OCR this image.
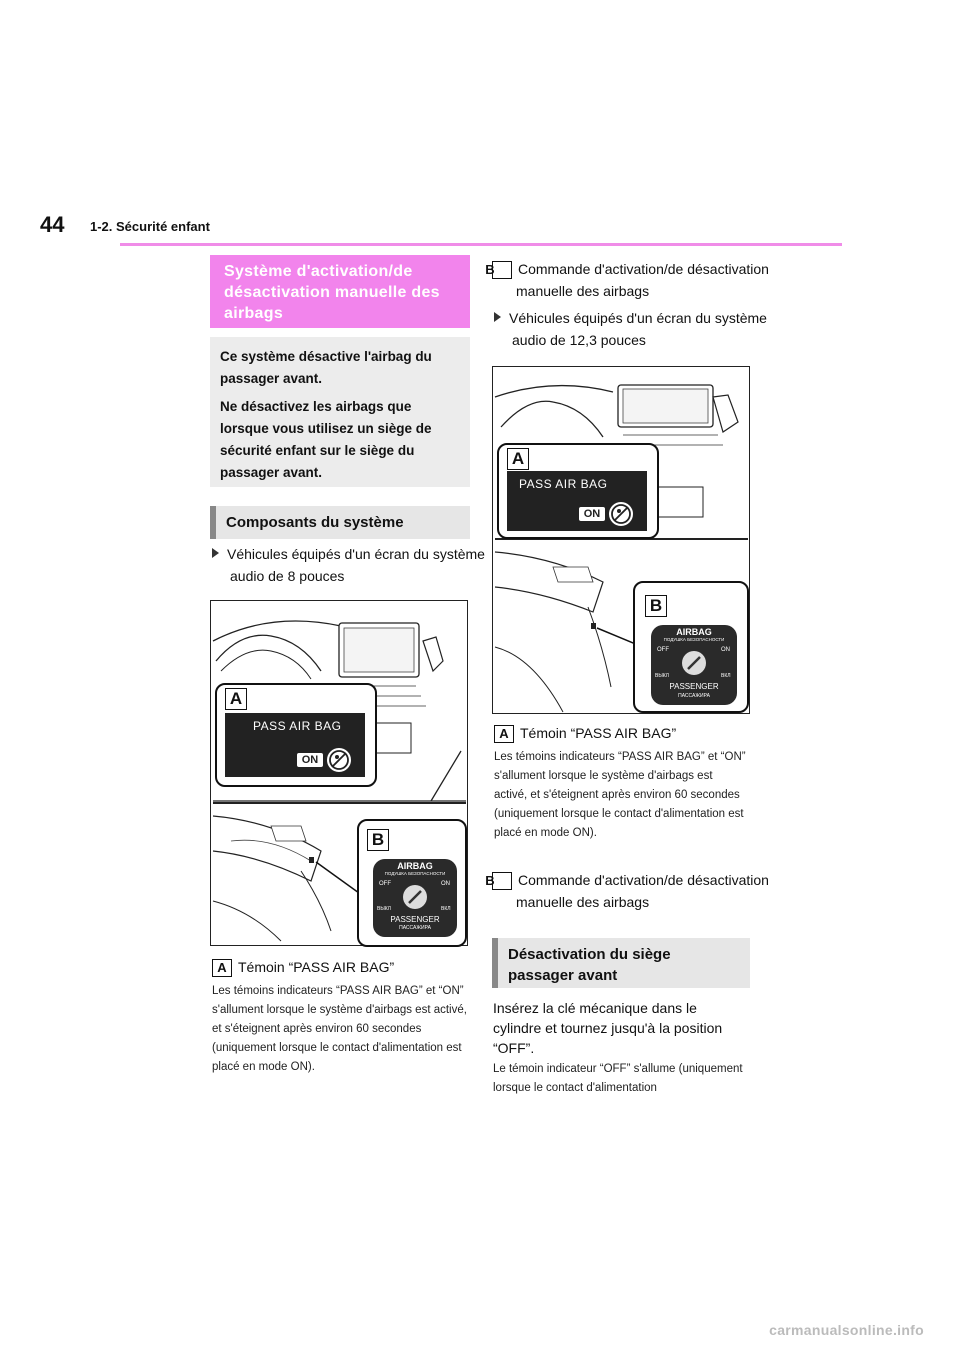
44 1-2. Sécurité enfant
Système d'activation/de désactivation manuelle des airbags

Ce système désactive l'airbag du passager avant.

Ne désactivez les airbags que lorsque vous utilisez un siège de sécurité enfant sur le siège du passager avant.

Composants du système
Véhicules équipés d'un écran du système audio de 8 pouces
A
PASS AIR BAG
ON
B
AIRBAG
ПОДУШКА БЕЗОПАСНОСТИ
OFF	ON
ВЫКЛ	ВКЛ
PASSENGER
ПАССАЖИРА
A Témoin “PASS AIR BAG”
Les témoins indicateurs “PASS AIR BAG” et “ON” s'allument lorsque le système d'airbags est activé, et s'éteignent après environ 60 secondes (uniquement lorsque le contact d'alimentation est placé en mode ON).
B Commande d'activation/de désactivation manuelle des airbags
Véhicules équipés d'un écran du système audio de 12,3 pouces
A
PASS AIR BAG
ON
B
AIRBAG
ПОДУШКА БЕЗОПАСНОСТИ
OFF	ON
ВЫКЛ	ВКЛ
PASSENGER
ПАССАЖИРА
A Témoin “PASS AIR BAG”
Les témoins indicateurs “PASS AIR BAG” et “ON” s'allument lorsque le système d'airbags est activé, et s'éteignent après environ 60 secondes (uniquement lorsque le contact d'alimentation est placé en mode ON).
B Commande d'activation/de désactivation manuelle des airbags
Désactivation du siège passager avant
Insérez la clé mécanique dans le cylindre et tournez jusqu'à la position “OFF”.
Le témoin indicateur “OFF” s'allume (uniquement lorsque le contact d'alimentation
carmanualsonline.info
